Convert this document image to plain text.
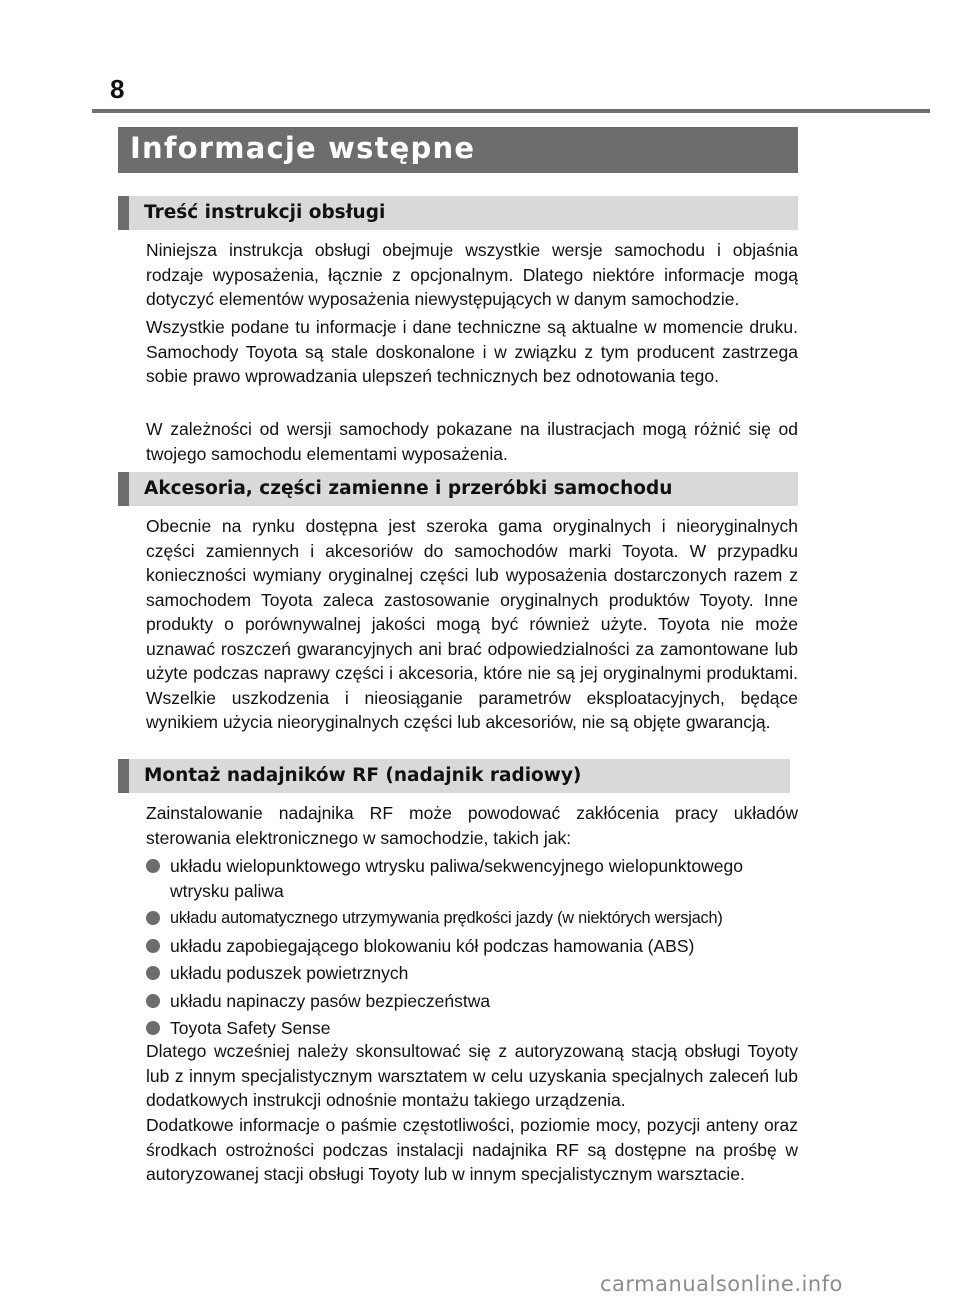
8
Informacje wstępne
Treść instrukcji obsługi

Niniejsza instrukcja obsługi obejmuje wszystkie wersje samochodu i objaśnia rodzaje wyposażenia, łącznie z opcjonalnym. Dlatego niektóre informacje mogą dotyczyć elementów wyposażenia niewystępujących w danym samochodzie.

Wszystkie podane tu informacje i dane techniczne są aktualne w momencie druku. Samochody Toyota są stale doskonalone i w związku z tym producent zastrzega sobie prawo wprowadzania ulepszeń technicznych bez odnotowania tego.

W zależności od wersji samochody pokazane na ilustracjach mogą różnić się od twojego samochodu elementami wyposażenia.

Akcesoria, części zamienne i przeróbki samochodu

Obecnie na rynku dostępna jest szeroka gama oryginalnych i nieoryginalnych części zamiennych i akcesoriów do samochodów marki Toyota. W przypadku konieczności wymiany oryginalnej części lub wyposażenia dostarczonych razem z samochodem Toyota zaleca zastosowanie oryginalnych produktów Toyoty. Inne produkty o porównywalnej jakości mogą być również użyte. Toyota nie może uznawać roszczeń gwarancyjnych ani brać odpowiedzialności za zamontowane lub użyte podczas naprawy części i akcesoria, które nie są jej oryginalnymi produktami. Wszelkie uszkodzenia i nieosiąganie parametrów eksploatacyjnych, będące wynikiem użycia nieoryginalnych części lub akcesoriów, nie są objęte gwarancją.

Montaż nadajników RF (nadajnik radiowy)

Zainstalowanie nadajnika RF może powodować zakłócenia pracy układów sterowania elektronicznego w samochodzie, takich jak:

układu wielopunktowego wtrysku paliwa/sekwencyjnego wielopunktowego wtrysku paliwa
układu automatycznego utrzymywania prędkości jazdy (w niektórych wersjach)
układu zapobiegającego blokowaniu kół podczas hamowania (ABS)
układu poduszek powietrznych
układu napinaczy pasów bezpieczeństwa
Toyota Safety Sense

Dlatego wcześniej należy skonsultować się z autoryzowaną stacją obsługi Toyoty lub z innym specjalistycznym warsztatem w celu uzyskania specjalnych zaleceń lub dodatkowych instrukcji odnośnie montażu takiego urządzenia.

Dodatkowe informacje o paśmie częstotliwości, poziomie mocy, pozycji anteny oraz środkach ostrożności podczas instalacji nadajnika RF są dostępne na prośbę w autoryzowanej stacji obsługi Toyoty lub w innym specjalistycznym warsztacie.

carmanualsonline.info
